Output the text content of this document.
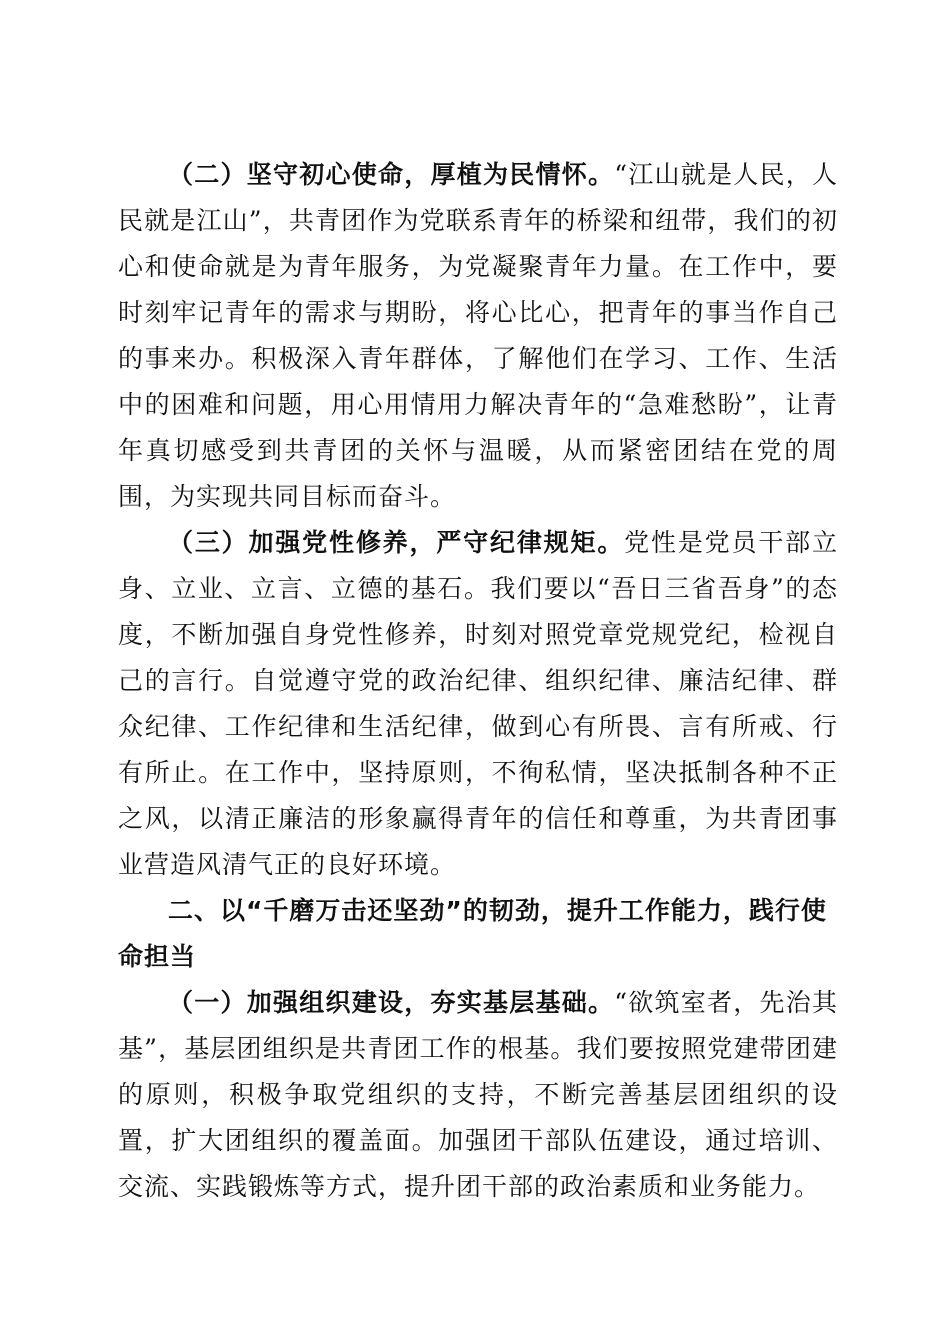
（二）坚守初心使命，厚植为民情怀。“江山就是人民，人民就是江山”，共青团作为党联系青年的桥梁和纽带，我们的初心和使命就是为青年服务，为党凝聚青年力量。在工作中，要时刻牢记青年的需求与期盼，将心比心，把青年的事当作自己的事来办。积极深入青年群体，了解他们在学习、工作、生活中的困难和问题，用心用情用力解决青年的“急难愁盼”，让青年真切感受到共青团的关怀与温暖，从而紧密团结在党的周围，为实现共同目标而奋斗。

（三）加强党性修养，严守纪律规矩。党性是党员干部立身、立业、立言、立德的基石。我们要以“吾日三省吾身”的态度，不断加强自身党性修养，时刻对照党章党规党纪，检视自己的言行。自觉遵守党的政治纪律、组织纪律、廉洁纪律、群众纪律、工作纪律和生活纪律，做到心有所畏、言有所戒、行有所止。在工作中，坚持原则，不徇私情，坚决抵制各种不正之风，以清正廉洁的形象赢得青年的信任和尊重，为共青团事业营造风清气正的良好环境。

二、以“千磨万击还坚劲”的韧劲，提升工作能力，践行使命担当

（一）加强组织建设，夯实基层基础。“欲筑室者，先治其基”，基层团组织是共青团工作的根基。我们要按照党建带团建的原则，积极争取党组织的支持，不断完善基层团组织的设置，扩大团组织的覆盖面。加强团干部队伍建设，通过培训、交流、实践锻炼等方式，提升团干部的政治素质和业务能力。
